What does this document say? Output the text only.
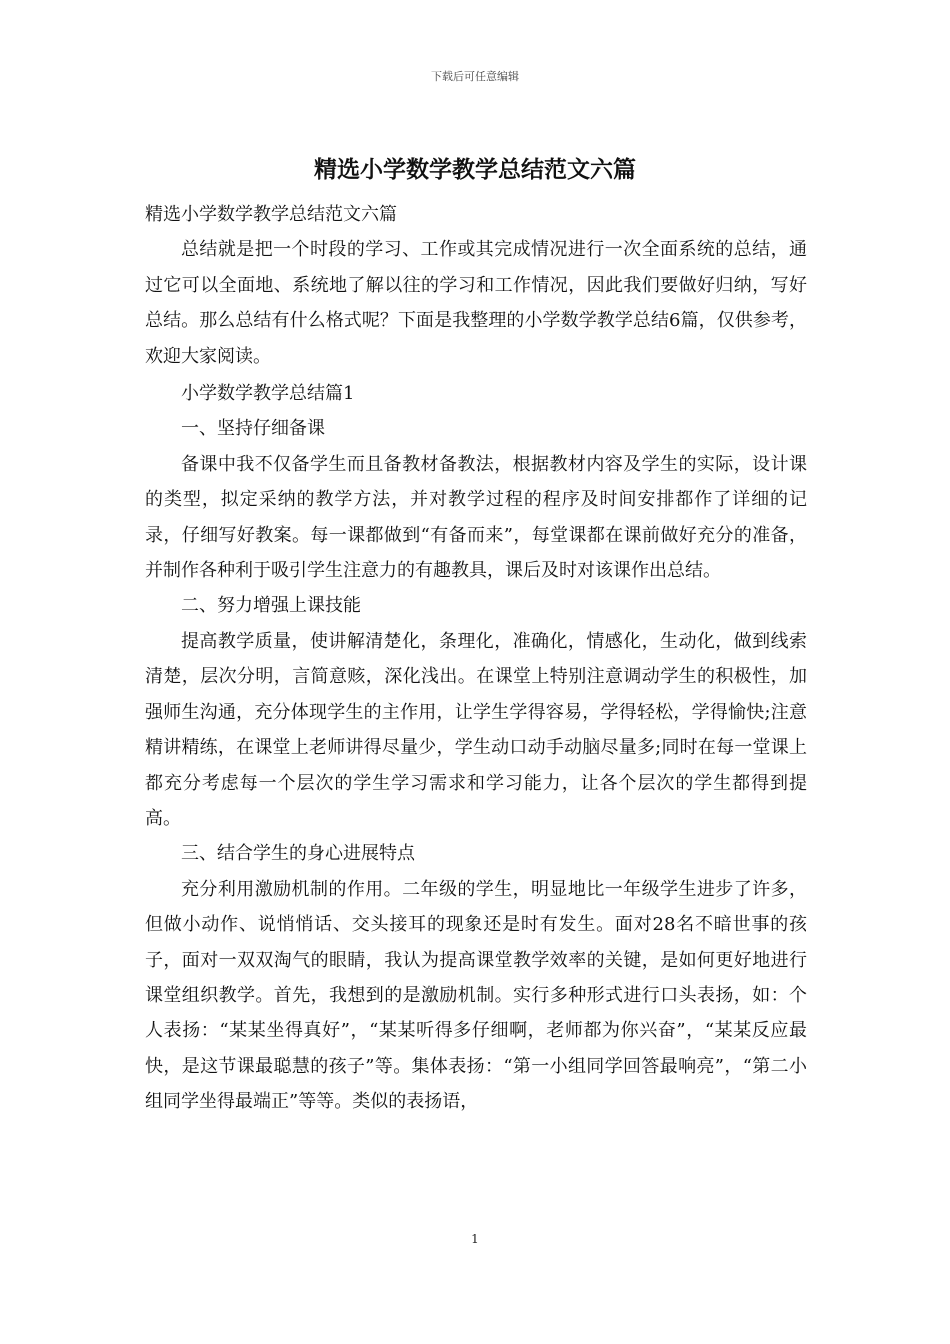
下载后可任意编辑
精选小学数学教学总结范文六篇

精选小学数学教学总结范文六篇

总结就是把一个时段的学习、工作或其完成情况进行一次全面系统的总结，通过它可以全面地、系统地了解以往的学习和工作情况，因此我们要做好归纳，写好总结。那么总结有什么格式呢？下面是我整理的小学数学教学总结6篇，仅供参考，欢迎大家阅读。

小学数学教学总结篇1

一、坚持仔细备课

备课中我不仅备学生而且备教材备教法，根据教材内容及学生的实际，设计课的类型，拟定采纳的教学方法，并对教学过程的程序及时间安排都作了详细的记录，仔细写好教案。每一课都做到“有备而来”，每堂课都在课前做好充分的准备，并制作各种利于吸引学生注意力的有趣教具，课后及时对该课作出总结。

二、努力增强上课技能

提高教学质量，使讲解清楚化，条理化，准确化，情感化，生动化，做到线索清楚，层次分明，言简意赅，深化浅出。在课堂上特别注意调动学生的积极性，加强师生沟通，充分体现学生的主作用，让学生学得容易，学得轻松，学得愉快;注意精讲精练，在课堂上老师讲得尽量少，学生动口动手动脑尽量多;同时在每一堂课上都充分考虑每一个层次的学生学习需求和学习能力，让各个层次的学生都得到提高。

三、结合学生的身心进展特点

充分利用激励机制的作用。二年级的学生，明显地比一年级学生进步了许多，但做小动作、说悄悄话、交头接耳的现象还是时有发生。面对28名不暗世事的孩子，面对一双双淘气的眼睛，我认为提高课堂教学效率的关键，是如何更好地进行课堂组织教学。首先，我想到的是激励机制。实行多种形式进行口头表扬，如：个人表扬：“某某坐得真好”，“某某听得多仔细啊，老师都为你兴奋”，“某某反应最快，是这节课最聪慧的孩子”等。集体表扬：“第一小组同学回答最响亮”，“第二小组同学坐得最端正”等等。类似的表扬语，

1
